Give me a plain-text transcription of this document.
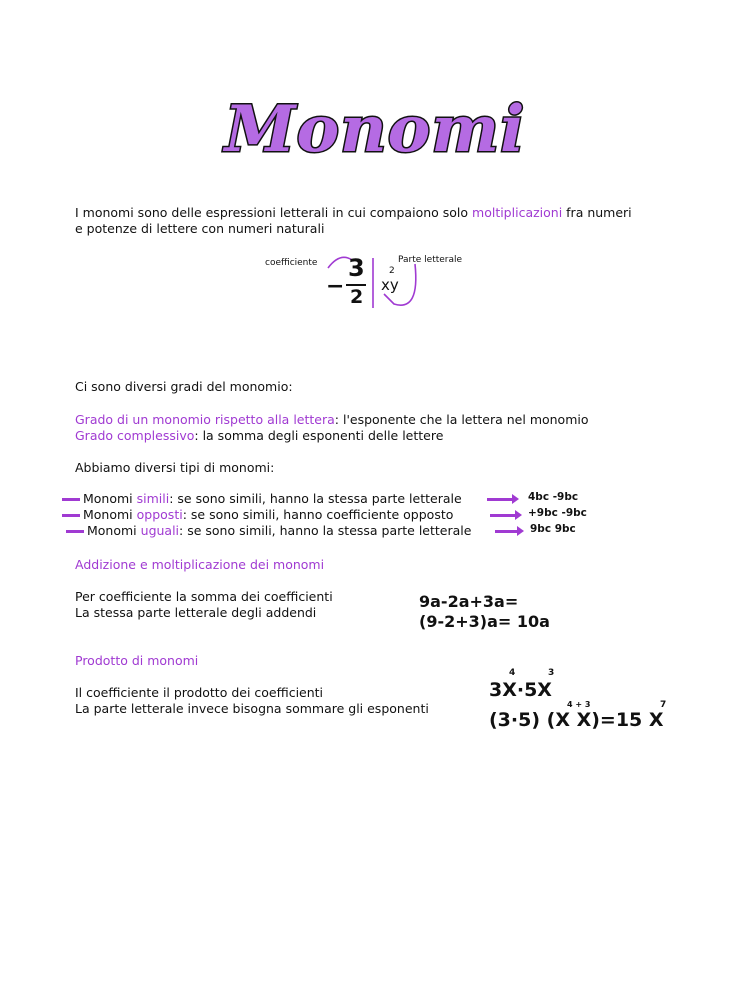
Monomi
I monomi sono delle espressioni letterali in cui compaiono solo moltiplicazioni fra numeri
e potenze di lettere con numeri naturali
coefficiente	Parte letterale
−
3
2
2
xy
Ci sono diversi gradi del monomio:
Grado di un monomio rispetto alla lettera: l'esponente che la lettera nel monomio
Grado complessivo: la somma degli esponenti delle lettere
Abbiamo diversi tipi di monomi:
Monomi simili: se sono simili, hanno la stessa parte letterale	4bc -9bc
Monomi opposti: se sono simili, hanno coefficiente opposto	+9bc -9bc
Monomi uguali: se sono simili, hanno la stessa parte letterale	9bc 9bc
Addizione e moltiplicazione dei monomi
Per coefficiente la somma dei coefficienti
La stessa parte letterale degli addendi
9a-2a+3a=
(9-2+3)a= 10a
Prodotto di monomi
Il coefficiente il prodotto dei coefficienti
La parte letterale invece bisogna sommare gli esponenti
4	3
3X·5X
4 + 3	7
(3·5) (X X)=15 X
